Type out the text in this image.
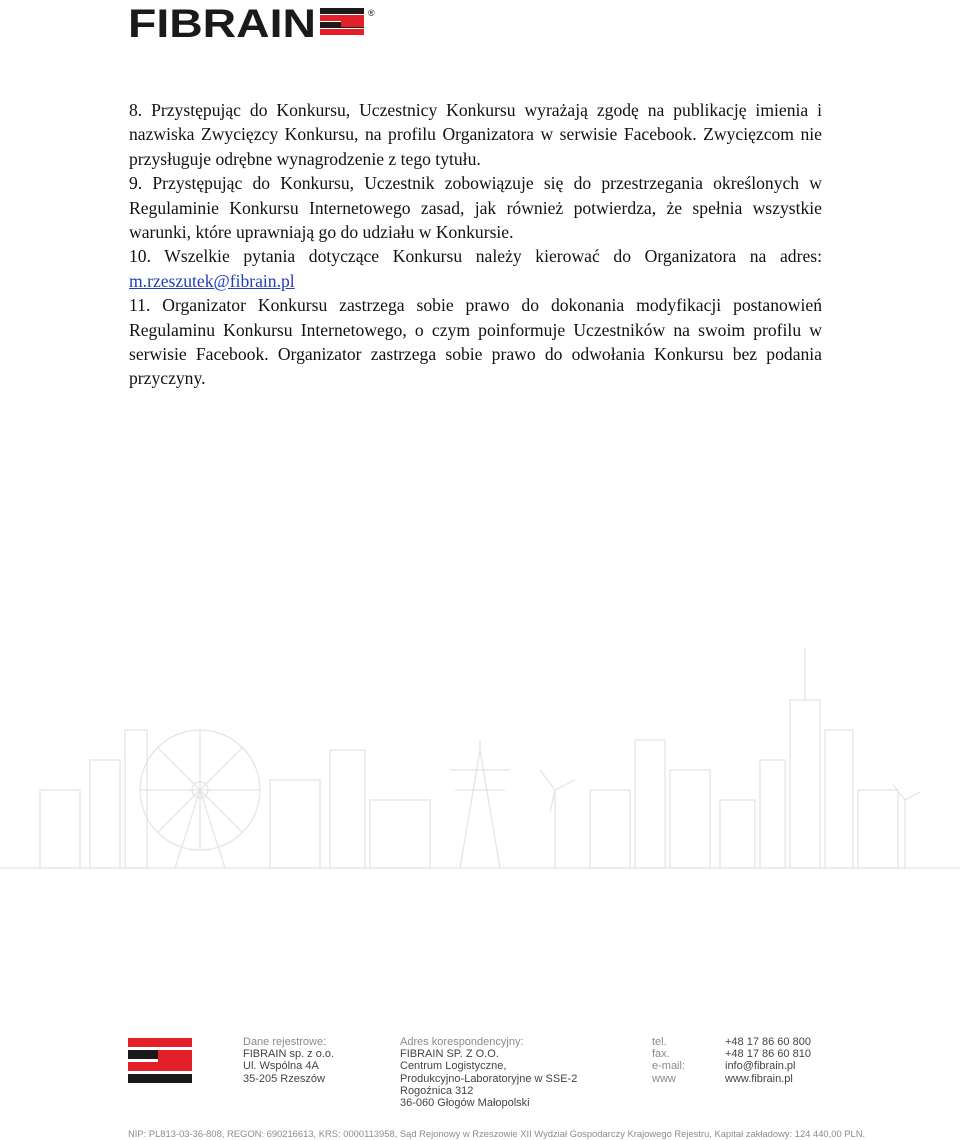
FIBRAIN	®

8. Przystępując do Konkursu, Uczestnicy Konkursu wyrażają zgodę na publikację imienia i nazwiska Zwycięzcy Konkursu, na profilu Organizatora w serwisie Facebook. Zwycięzcom nie przysługuje odrębne wynagrodzenie z tego tytułu.

9. Przystępując do Konkursu, Uczestnik zobowiązuje się do przestrzegania określonych w Regulaminie Konkursu Internetowego zasad, jak również potwierdza, że spełnia wszystkie warunki, które uprawniają go do udziału w Konkursie.

10. Wszelkie pytania dotyczące Konkursu należy kierować do Organizatora na adres:

m.rzeszutek@fibrain.pl

11. Organizator Konkursu zastrzega sobie prawo do dokonania modyfikacji postanowień Regulaminu Konkursu Internetowego, o czym poinformuje Uczestników na swoim profilu w serwisie Facebook. Organizator zastrzega sobie prawo do odwołania Konkursu bez podania przyczyny.

Dane rejestrowe:
FIBRAIN sp. z o.o.
Ul. Wspólna 4A
35-205 Rzeszów
Adres korespondencyjny:
FIBRAIN SP. Z O.O.
Centrum Logistyczne,
Produkcyjno-Laboratoryjne w SSE-2
Rogoźnica 312
36-060 Głogów Małopolski
tel.
fax.
e-mail:
www
+48 17 86 60 800
+48 17 86 60 810
info@fibrain.pl
www.fibrain.pl
NIP: PL813-03-36-808, REGON: 690216613, KRS: 0000113958, Sąd Rejonowy w Rzeszowie XII Wydział Gospodarczy Krajowego Rejestru, Kapitał zakładowy: 124 440,00 PLN.
